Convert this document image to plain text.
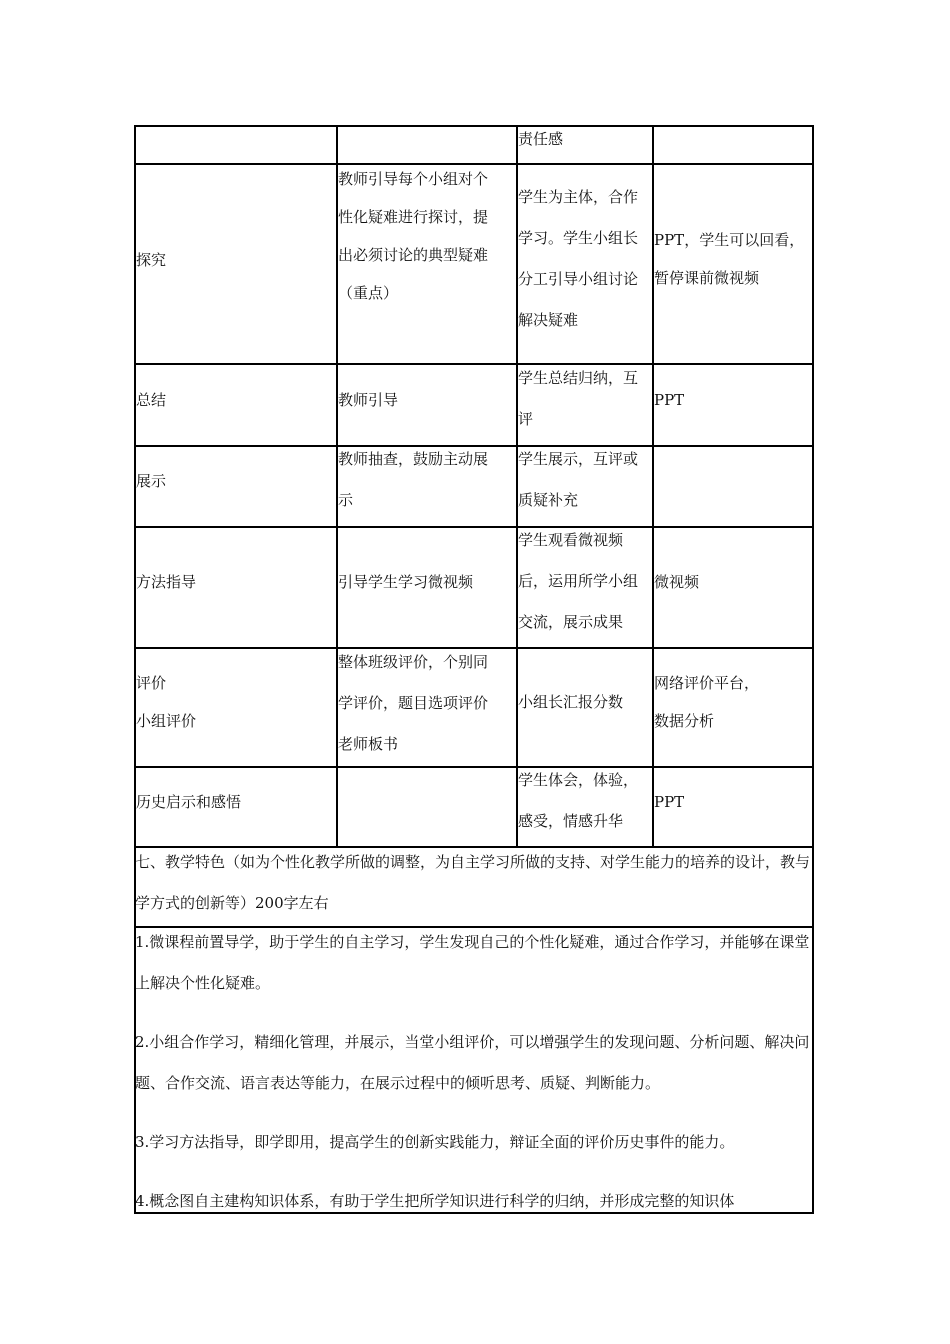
责任感

探究

教师引导每个小组对个
性化疑难进行探讨，提
出必须讨论的典型疑难
（重点）

学生为主体，合作
学习。学生小组长
分工引导小组讨论
解决疑难

PPT，学生可以回看，
暂停课前微视频

总结	教师引导

学生总结归纳，互
评

PPT

展示

教师抽查，鼓励主动展
示

学生展示，互评或
质疑补充

方法指导	引导学生学习微视频

学生观看微视频
后，运用所学小组
交流，展示成果

微视频

评价
小组评价

整体班级评价，个别同
学评价，题目选项评价
老师板书

小组长汇报分数

网络评价平台，
数据分析

历史启示和感悟

学生体会，体验，
感受，情感升华

PPT

七、教学特色（如为个性化教学所做的调整，为自主学习所做的支持、对学生能力的培养的设计，教与学方式的创新等）200字左右

1.微课程前置导学，助于学生的自主学习，学生发现自己的个性化疑难，通过合作学习，并能够在课堂上解决个性化疑难。

2.小组合作学习，精细化管理，并展示，当堂小组评价，可以增强学生的发现问题、分析问题、解决问题、合作交流、语言表达等能力，在展示过程中的倾听思考、质疑、判断能力。

3.学习方法指导，即学即用，提高学生的创新实践能力，辩证全面的评价历史事件的能力。

4.概念图自主建构知识体系，有助于学生把所学知识进行科学的归纳，并形成完整的知识体
